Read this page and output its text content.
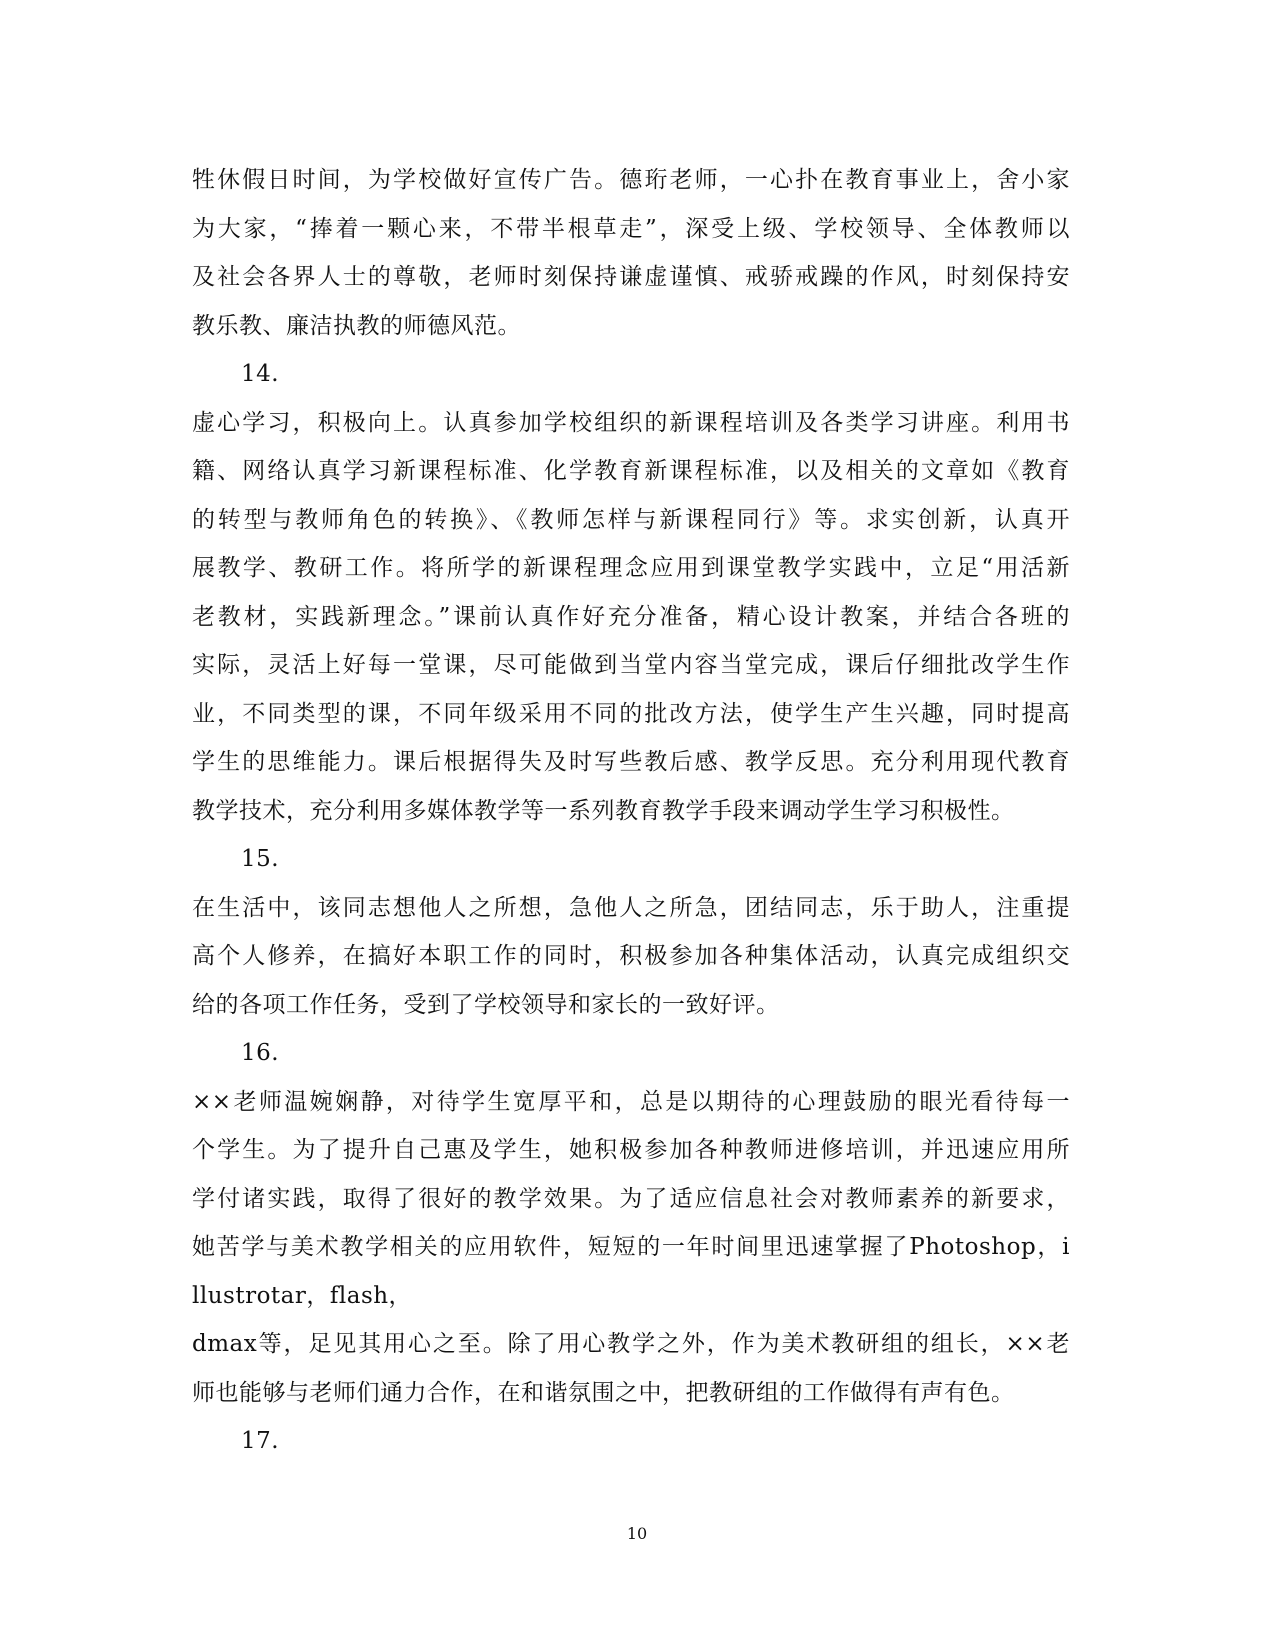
牲休假日时间，为学校做好宣传广告。德珩老师，一心扑在教育事业上，舍小家
为大家，“捧着一颗心来，不带半根草走”，深受上级、学校领导、全体教师以
及社会各界人士的尊敬，老师时刻保持谦虚谨慎、戒骄戒躁的作风，时刻保持安
教乐教、廉洁执教的师德风范。
14.
虚心学习，积极向上。认真参加学校组织的新课程培训及各类学习讲座。利用书
籍、网络认真学习新课程标准、化学教育新课程标准，以及相关的文章如《教育
的转型与教师角色的转换》、《教师怎样与新课程同行》等。求实创新，认真开
展教学、教研工作。将所学的新课程理念应用到课堂教学实践中，立足“用活新
老教材，实践新理念。”课前认真作好充分准备，精心设计教案，并结合各班的
实际，灵活上好每一堂课，尽可能做到当堂内容当堂完成，课后仔细批改学生作
业，不同类型的课，不同年级采用不同的批改方法，使学生产生兴趣，同时提高
学生的思维能力。课后根据得失及时写些教后感、教学反思。充分利用现代教育
教学技术，充分利用多媒体教学等一系列教育教学手段来调动学生学习积极性。
15.
在生活中，该同志想他人之所想，急他人之所急，团结同志，乐于助人，注重提
高个人修养，在搞好本职工作的同时，积极参加各种集体活动，认真完成组织交
给的各项工作任务，受到了学校领导和家长的一致好评。
16.
××老师温婉娴静，对待学生宽厚平和，总是以期待的心理鼓励的眼光看待每一
个学生。为了提升自己惠及学生，她积极参加各种教师进修培训，并迅速应用所
学付诸实践，取得了很好的教学效果。为了适应信息社会对教师素养的新要求，
她苦学与美术教学相关的应用软件，短短的一年时间里迅速掌握了Photoshop，i
llustrotar，flash，
dmax等，足见其用心之至。除了用心教学之外，作为美术教研组的组长，××老
师也能够与老师们通力合作，在和谐氛围之中，把教研组的工作做得有声有色。
17.
10
